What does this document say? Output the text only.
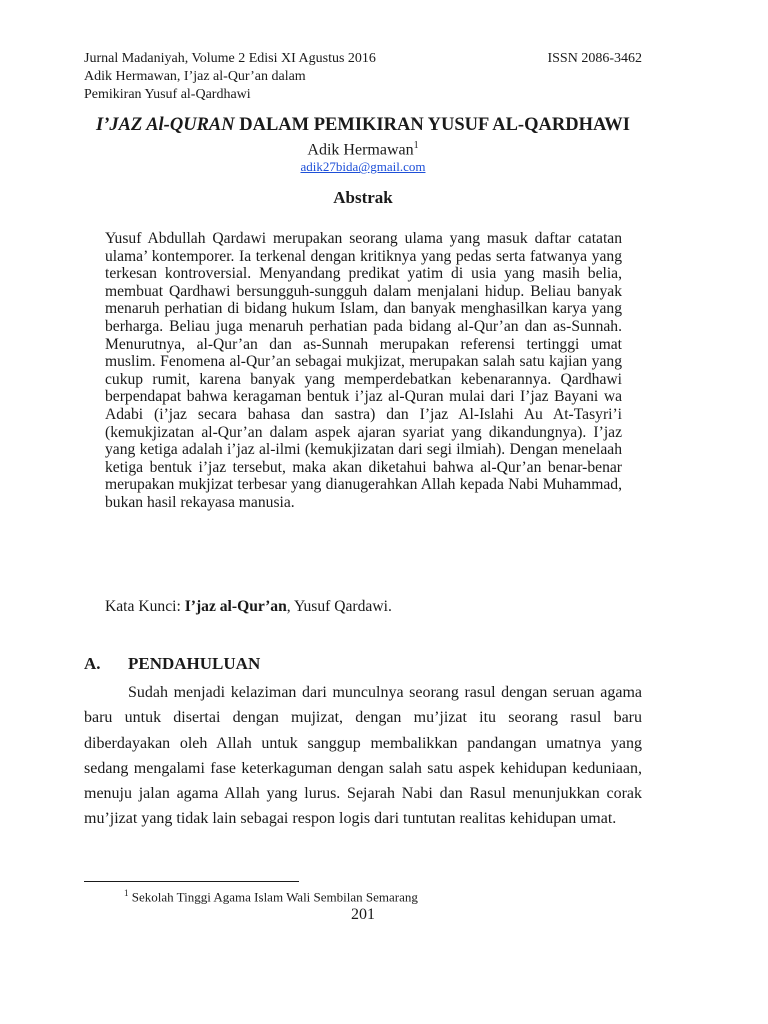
Jurnal Madaniyah, Volume 2 Edisi XI Agustus 2016	ISSN 2086-3462
Adik Hermawan, I’jaz al-Qur’an dalam
Pemikiran Yusuf al-Qardhawi
I’JAZ Al-QURAN DALAM PEMIKIRAN YUSUF AL-QARDHAWI
Adik Hermawan$^1$
adik27bida@gmail.com
Abstrak
Yusuf Abdullah Qardawi merupakan seorang ulama yang masuk daftar catatan ulama’ kontemporer. Ia terkenal dengan kritiknya yang pedas serta fatwanya yang terkesan kontroversial. Menyandang predikat yatim di usia yang masih belia, membuat Qardhawi bersungguh-sungguh dalam menjalani hidup. Beliau banyak menaruh perhatian di bidang hukum Islam, dan banyak menghasilkan karya yang berharga. Beliau juga menaruh perhatian pada bidang al-Qur’an dan as-Sunnah. Menurutnya, al-Qur’an dan as-Sunnah merupakan referensi tertinggi umat muslim. Fenomena al-Qur’an sebagai mukjizat, merupakan salah satu kajian yang cukup rumit, karena banyak yang memperdebatkan kebenarannya. Qardhawi berpendapat bahwa keragaman bentuk i’jaz al-Quran mulai dari I’jaz Bayani wa Adabi (i’jaz secara bahasa dan sastra) dan I’jaz Al-Islahi Au At-Tasyri’i (kemukjizatan al-Qur’an dalam aspek ajaran syariat yang dikandungnya). I’jaz yang ketiga adalah i’jaz al-ilmi (kemukjizatan dari segi ilmiah). Dengan menelaah ketiga bentuk i’jaz tersebut, maka akan diketahui bahwa al-Qur’an benar-benar merupakan mukjizat terbesar yang dianugerahkan Allah kepada Nabi Muhammad, bukan hasil rekayasa manusia.
Kata Kunci: I’jaz al-Qur’an, Yusuf Qardawi.
A. PENDAHULUAN
Sudah menjadi kelaziman dari munculnya seorang rasul dengan seruan agama baru untuk disertai dengan mujizat, dengan mu’jizat itu seorang rasul baru diberdayakan oleh Allah untuk sanggup membalikkan pandangan umatnya yang sedang mengalami fase keterkaguman dengan salah satu aspek kehidupan keduniaan, menuju jalan agama Allah yang lurus. Sejarah Nabi dan Rasul menunjukkan corak mu’jizat yang tidak lain sebagai respon logis dari tuntutan realitas kehidupan umat.
$^1$ Sekolah Tinggi Agama Islam Wali Sembilan Semarang
201
